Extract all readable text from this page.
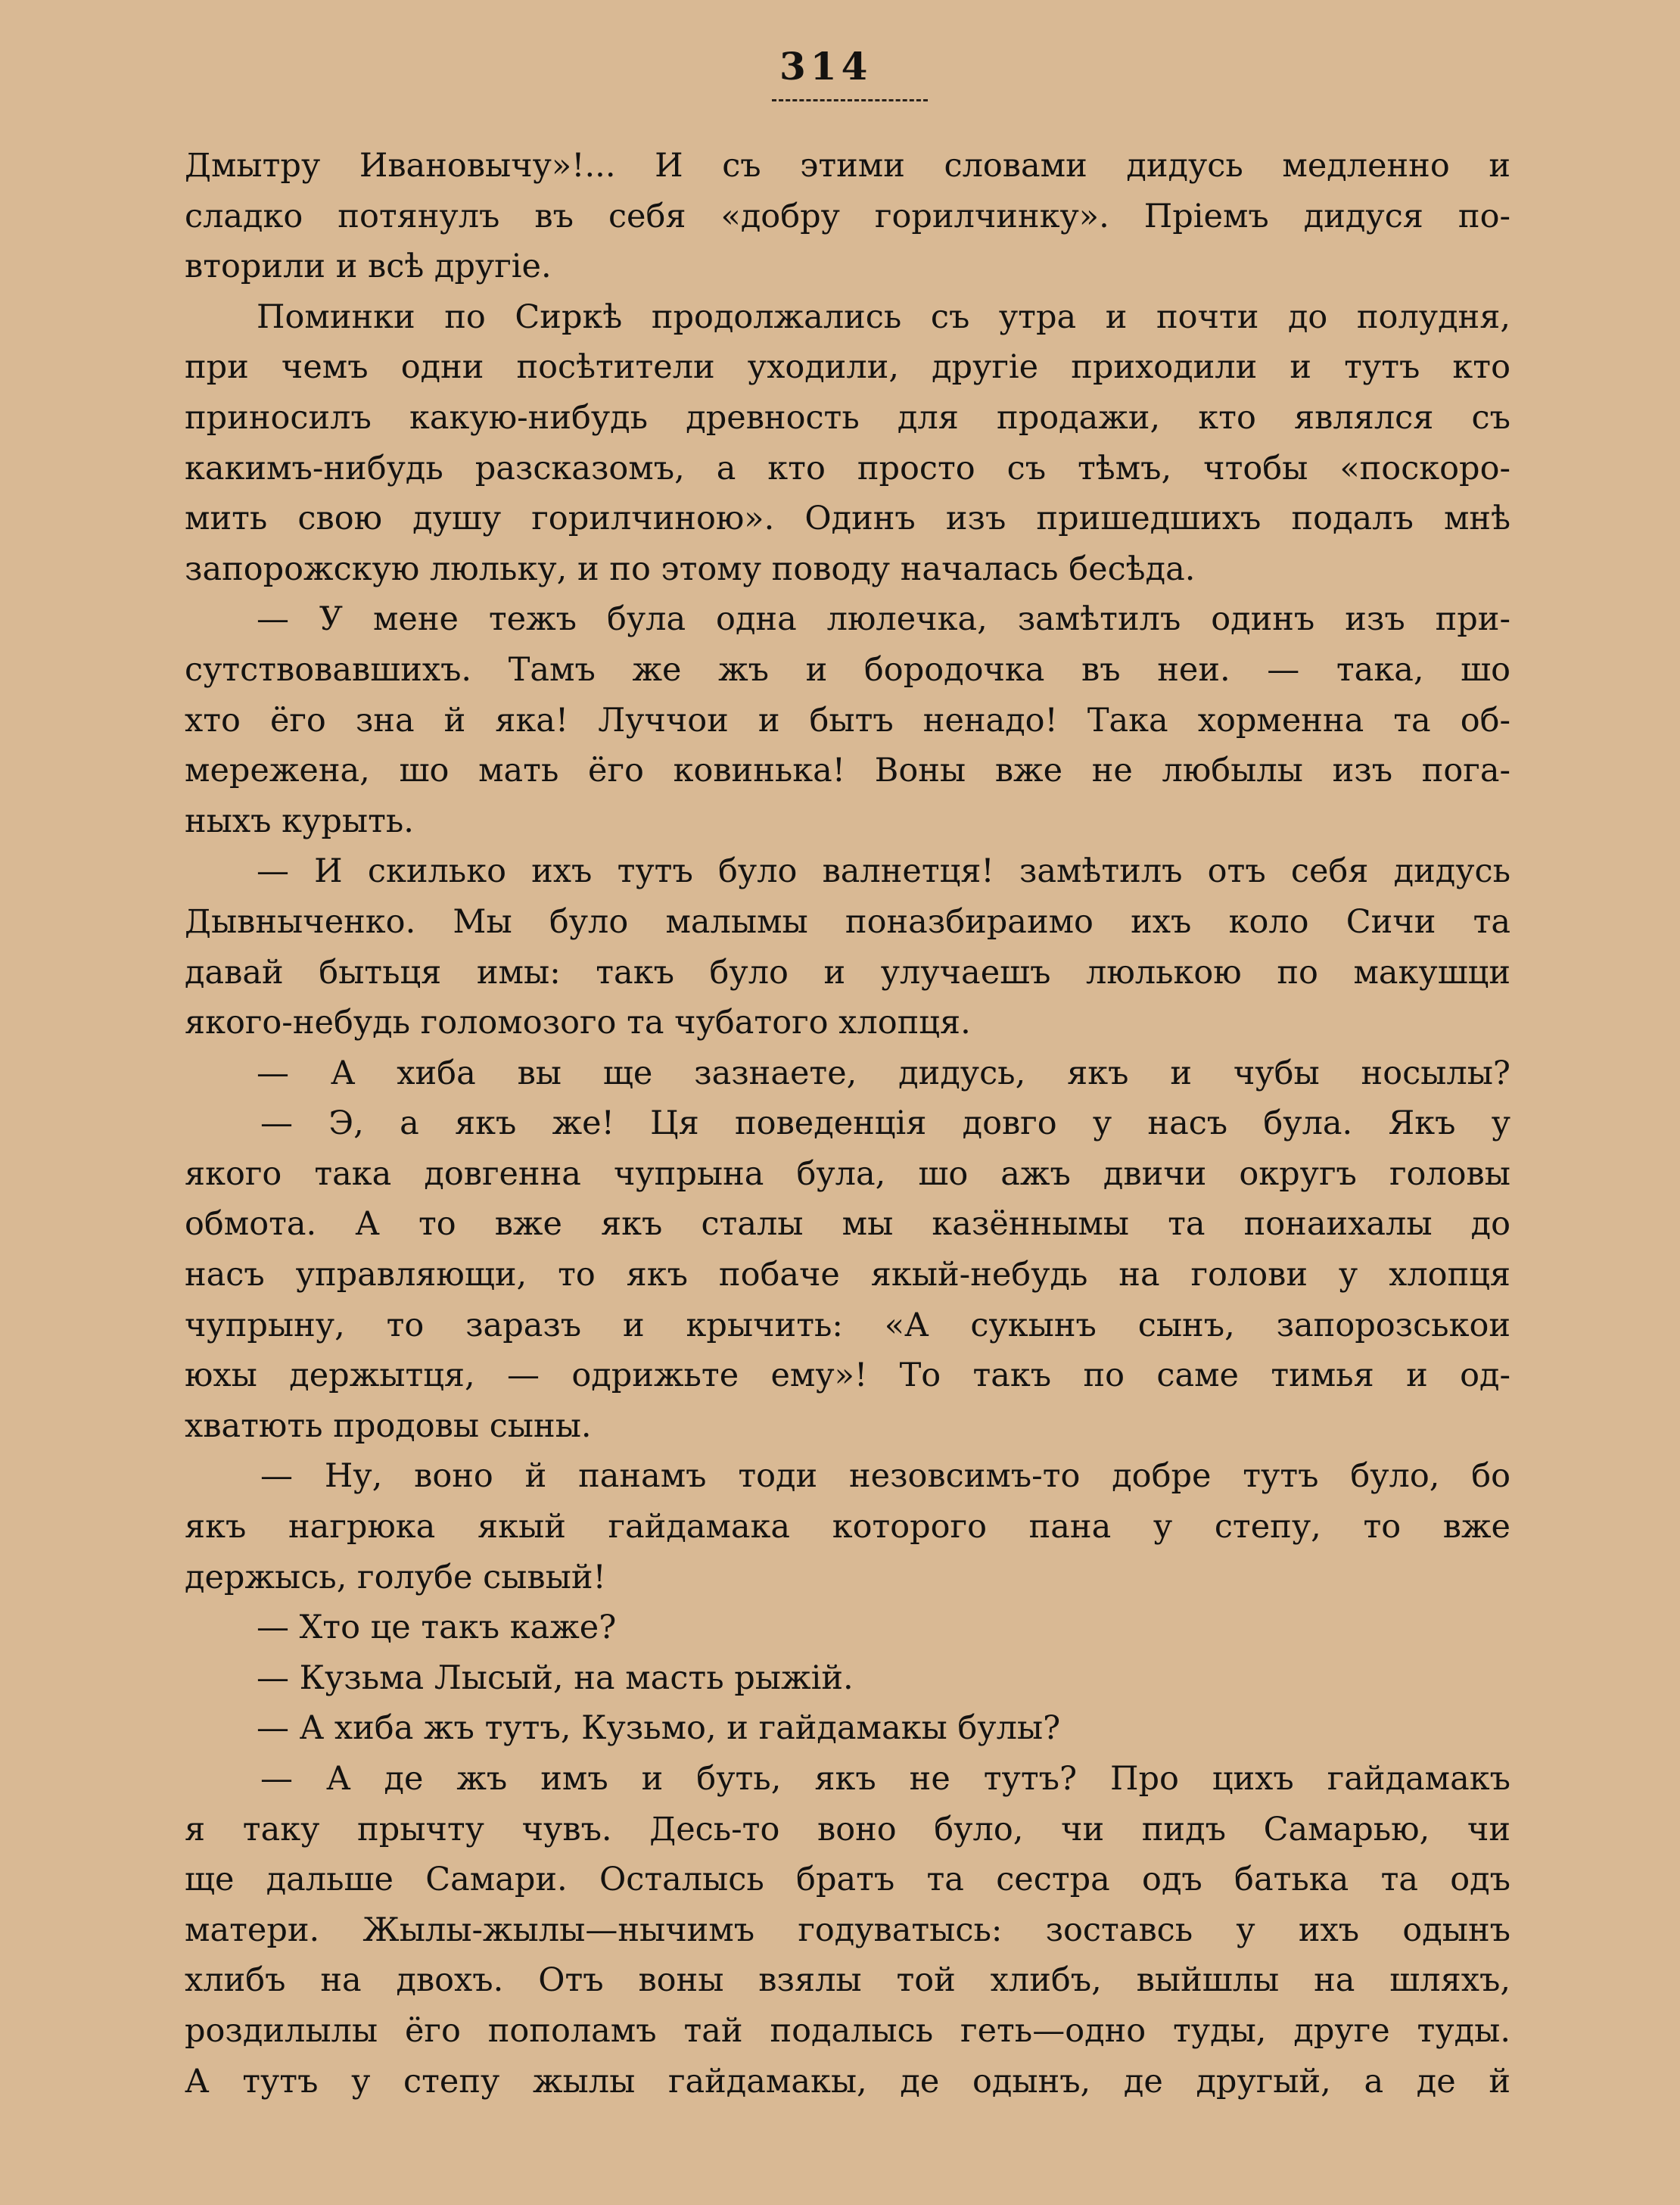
314
Дмытру Ивановычу»!... И съ этими словами дидусь медленно и
сладко потянулъ въ себя «добру горилчинку». Пріемъ дидуся по-
вторили и всѣ другіе.
Поминки по Сиркѣ продолжались съ утра и почти до полудня,
при чемъ одни посѣтители уходили, другіе приходили и тутъ кто
приносилъ какую-нибудь древность для продажи, кто являлся съ
какимъ-нибудь разсказомъ, а кто просто съ тѣмъ, чтобы «поскоро-
мить свою душу горилчиною». Одинъ изъ пришедшихъ подалъ мнѣ
запорожскую люльку, и по этому поводу началась бесѣда.
— У мене тежъ була одна люлечка, замѣтилъ одинъ изъ при-
сутствовавшихъ. Тамъ же жъ и бородочка въ неи. — така, шо
хто ёго зна й яка! Луччои и бытъ ненадо! Така хорменна та об-
мережена, шо мать ёго ковинька! Воны вже не любылы изъ пога-
ныхъ курыть.
— И скилько ихъ тутъ було валнетця! замѣтилъ отъ себя дидусь
Дывныченко. Мы було малымы поназбираимо ихъ коло Сичи та
давай бытьця имы: такъ було и улучаешъ люлькою по макушци
якого-небудь голомозого та чубатого хлопця.
— А хиба вы ще зазнаете, дидусь, якъ и чубы носылы?
— Э, а якъ же! Ця поведенція довго у насъ була. Якъ у
якого така довгенна чупрына була, шо ажъ двичи округъ головы
обмота. А то вже якъ сталы мы казённымы та понаихалы до
насъ управляющи, то якъ побаче якый-небудь на голови у хлопця
чупрыну, то заразъ и крычить: «А сукынъ сынъ, запорозськои
юхы держытця, — одрижьте ему»! То такъ по саме тимья и од-
хватють продовы сыны.
— Ну, воно й панамъ тоди незовсимъ-то добре тутъ було, бо
якъ нагрюка якый гайдамака которого пана у степу, то вже
держысь, голубе сывый!
— Хто це такъ каже?
— Кузьма Лысый, на масть рыжій.
— А хиба жъ тутъ, Кузьмо, и гайдамакы булы?
— А де жъ имъ и буть, якъ не тутъ? Про цихъ гайдамакъ
я таку прычту чувъ. Десь-то воно було, чи пидъ Самарью, чи
ще дальше Самари. Осталысь братъ та сестра одъ батька та одъ
матери. Жылы-жылы—нычимъ годуватысь: зоставсь у ихъ одынъ
хлибъ на двохъ. Отъ воны взялы той хлибъ, выйшлы на шляхъ,
роздилылы ёго пополамъ тай подалысь геть—одно туды, друге туды.
А тутъ у степу жылы гайдамакы, де одынъ, де другый, а де й
